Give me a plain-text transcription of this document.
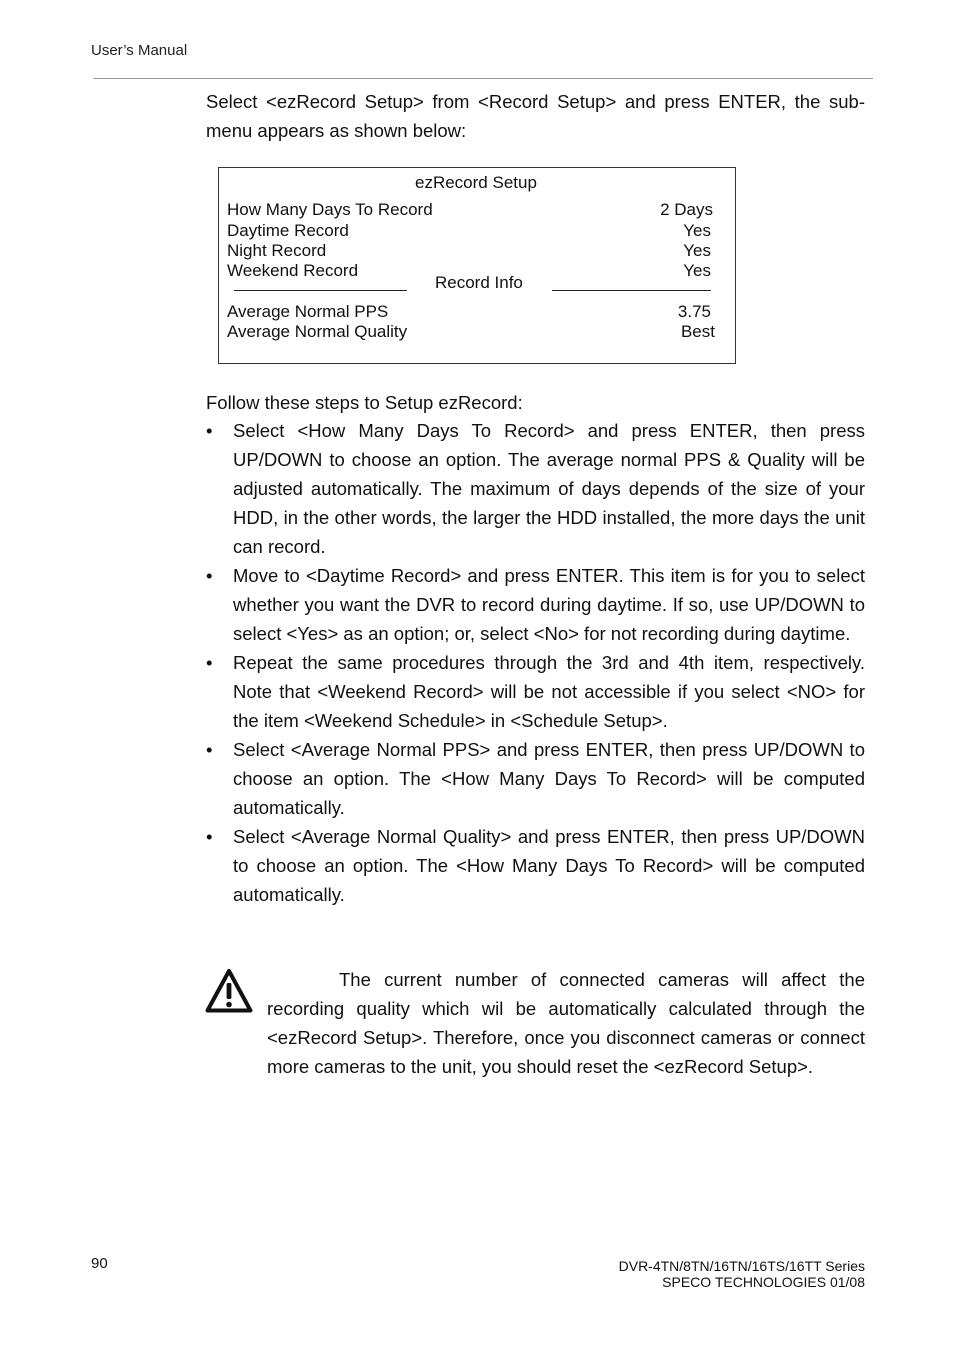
User’s Manual
Select <ezRecord Setup> from <Record Setup> and press ENTER, the sub-menu appears as shown below:
ezRecord Setup
How Many Days To Record	2 Days
Daytime Record	Yes
Night Record	Yes
Weekend Record	Yes
Record Info
Average Normal PPS	3.75
Average Normal Quality	Best
Follow these steps to Setup ezRecord:
• Select <How Many Days To Record> and press ENTER, then press UP/DOWN to choose an option. The average normal PPS & Quality will be adjusted automatically. The maximum of days depends of the size of your HDD, in the other words, the larger the HDD installed, the more days the unit can record.
• Move to <Daytime Record> and press ENTER. This item is for you to select whether you want the DVR to record during daytime. If so, use UP/DOWN to select <Yes> as an option; or, select <No> for not recording during daytime.
• Repeat the same procedures through the 3rd and 4th item, respectively. Note that <Weekend Record> will be not accessible if you select <NO> for the item <Weekend Schedule> in <Schedule Setup>.
• Select <Average Normal PPS> and press ENTER, then press UP/DOWN to choose an option. The <How Many Days To Record> will be computed automatically.
• Select <Average Normal Quality> and press ENTER, then press UP/DOWN to choose an option. The <How Many Days To Record> will be computed automatically.
The current number of connected cameras will affect the recording quality which wil be automatically calculated through the <ezRecord Setup>. Therefore, once you disconnect cameras or connect more cameras to the unit, you should reset the <ezRecord Setup>.
90	DVR-4TN/8TN/16TN/16TS/16TT Series
SPECO TECHNOLOGIES 01/08
